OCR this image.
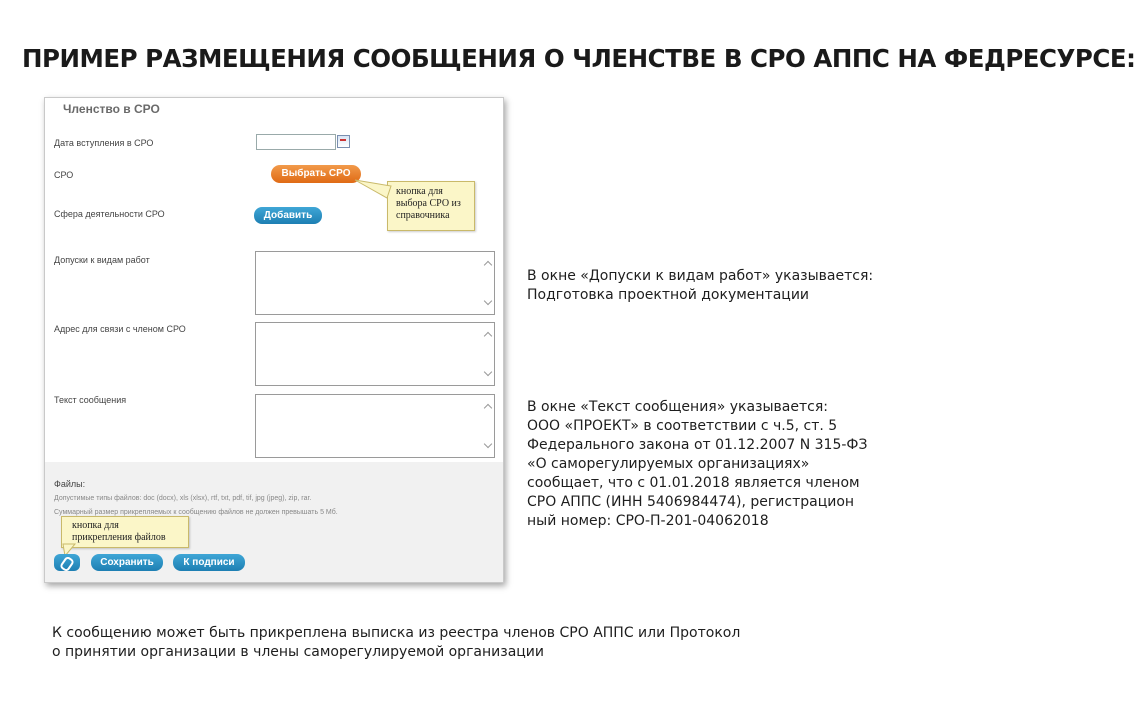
ПРИМЕР РАЗМЕЩЕНИЯ СООБЩЕНИЯ О ЧЛЕНСТВЕ В СРО АППС НА ФЕДРЕСУРСЕ:
Членство в СРО
Дата вступления в СРО
СРО	Выбрать СРО
кнопка для
выбора СРО из
справочника
Сфера деятельности СРО	Добавить
Допуски к видам работ
Адрес для связи с членом СРО
Текст сообщения
Файлы:
Допустимые типы файлов: doc (docx), xls (xlsx), rtf, txt, pdf, tif, jpg (jpeg), zip, rar.
Суммарный размер прикрепляемых к сообщению файлов не должен превышать 5 Мб.
кнопка для
прикрепления файлов
Сохранить	К подписи
В окне «Допуски к видам работ» указывается:
Подготовка проектной документации
В окне «Текст сообщения» указывается:
ООО «ПРОЕКТ» в соответствии с ч.5, ст. 5
Федерального закона от 01.12.2007 N 315-ФЗ
«О саморегулируемых организациях»
сообщает, что с 01.01.2018 является членом
СРО АППС (ИНН 5406984474), регистрацион
ный номер: СРО-П-201-04062018
К сообщению может быть прикреплена выписка из реестра членов СРО АППС или Протокол
о принятии организации в члены саморегулируемой организации
